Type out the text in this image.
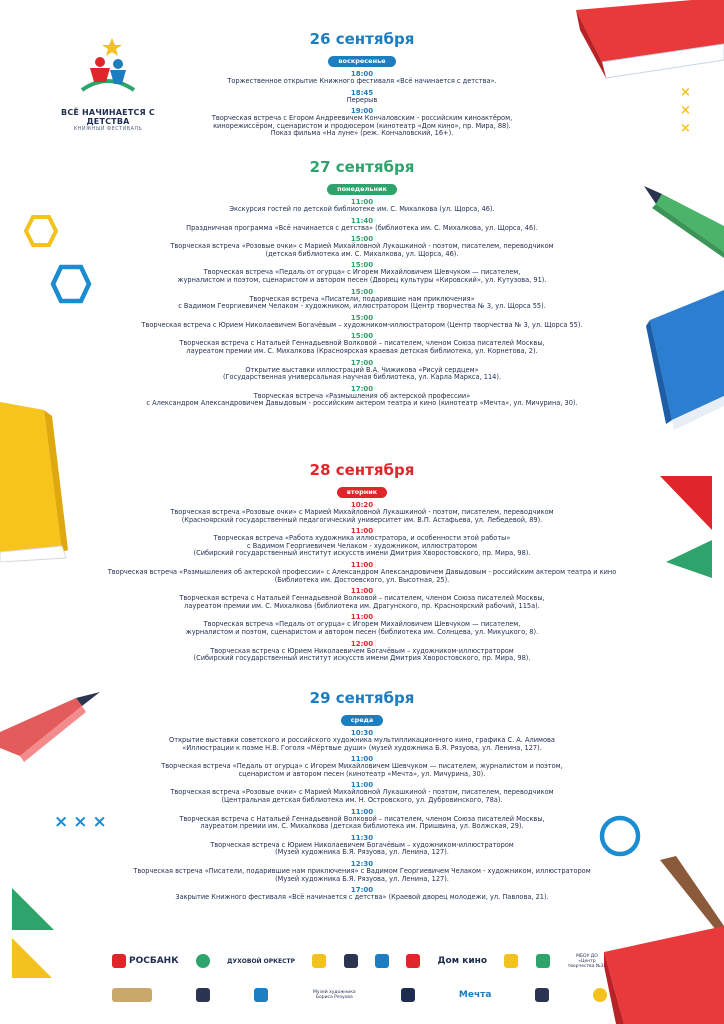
×
×
×
×××
ВСЁ НАЧИНАЕТСЯ С ДЕТСТВА
КНИЖНЫЙ ФЕСТИВАЛЬ
26 сентября
воскресенье
18:00
Торжественное открытие Книжного фестиваля «Всё начинается с детства».
18:45
Перерыв
19:00
Творческая встреча с Егором Андреевичем Кончаловским - российским киноактёром,
кинорежиссёром, сценаристом и продюсером (кинотеатр «Дом кино», пр. Мира, 88).
Показ фильма «На луне» (реж. Кончаловский, 16+).
27 сентября
понедельник
11:00
Экскурсия гостей по детской библиотеке им. С. Михалкова (ул. Щорса, 46).
11:40
Праздничная программа «Всё начинается с детства» (библиотека им. С. Михалкова, ул. Щорса, 46).
15:00
Творческая встреча «Розовые очки» с Марией Михайловной Лукашкиной - поэтом, писателем, переводчиком
(детская библиотека им. С. Михалкова, ул. Щорса, 46).
15:00
Творческая встреча «Педаль от огурца» с Игорем Михайловичем Шевчуком — писателем,
журналистом и поэтом, сценаристом и автором песен (Дворец культуры «Кировский», ул. Кутузова, 91).
15:00
Творческая встреча «Писатели, подарившие нам приключения»
с Вадимом Георгиевичем Челаком - художником, иллюстратором (Центр творчества № 3, ул. Щорса 55).
15:00
Творческая встреча с Юрием Николаевичем Богачёвым – художником-иллюстратором (Центр творчества № 3, ул. Щорса 55).
15:00
Творческая встреча с Натальей Геннадьевной Волковой – писателем, членом Союза писателей Москвы,
лауреатом премии им. С. Михалкова (Красноярская краевая детская библиотека, ул. Корнетова, 2).
17:00
Открытие выставки иллюстраций В.А. Чижикова «Рисуй сердцем»
(Государственная универсальная научная библиотека, ул. Карла Маркса, 114).
17:00
Творческая встреча «Размышления об актерской профессии»
с Александром Александровичем Давыдовым - российским актером театра и кино (кинотеатр «Мечта», ул. Мичурина, 30).
28 сентября
вторник
10:20
Творческая встреча «Розовые очки» с Марией Михайловной Лукашкиной - поэтом, писателем, переводчиком
(Красноярский государственный педагогический университет им. В.П. Астафьева, ул. Лебедевой, 89).
11:00
Творческая встреча «Работа художника иллюстратора, и особенности этой работы»
с Вадимом Георгиевичем Челаком - художником, иллюстратором
(Сибирский государственный институт искусств имени Дмитрия Хворостовского, пр. Мира, 98).
11:00
Творческая встреча «Размышления об актерской профессии» с Александром Александровичем Давыдовым - российским актером театра и кино
(Библиотека им. Достоевского, ул. Высотная, 25).
11:00
Творческая встреча с Натальей Геннадьевной Волковой – писателем, членом Союза писателей Москвы,
лауреатом премии им. С. Михалкова (библиотека им. Драгунского, пр. Красноярский рабочий, 115а).
11:00
Творческая встреча «Педаль от огурца» с Игорем Михайловичем Шевчуком — писателем,
журналистом и поэтом, сценаристом и автором песен (библиотека им. Солнцева, ул. Микуцкого, 8).
12:00
Творческая встреча с Юрием Николаевичем Богачёвым – художником-иллюстратором
(Сибирский государственный институт искусств имени Дмитрия Хворостовского, пр. Мира, 98).
29 сентября
среда
10:30
Открытие выставки советского и российского художника мультипликационного кино, графика С. А. Алимова
«Иллюстрации к поэме Н.В. Гоголя «Мёртвые души» (музей художника Б.Я. Рязуова, ул. Ленина, 127).
11:00
Творческая встреча «Педаль от огурца» с Игорем Михайловичем Шевчуком — писателем, журналистом и поэтом,
сценаристом и автором песен (кинотеатр «Мечта», ул. Мичурина, 30).
11:00
Творческая встреча «Розовые очки» с Марией Михайловной Лукашкиной - поэтом, писателем, переводчиком
(Центральная детская библиотека им. Н. Островского, ул. Дубровинского, 78а).
11:00
Творческая встреча с Натальей Геннадьевной Волковой – писателем, членом Союза писателей Москвы,
лауреатом премии им. С. Михалкова (детская библиотека им. Пришвина, ул. Волжская, 29).
11:30
Творческая встреча с Юрием Николаевичем Богачёвым – художником-иллюстратором
(Музей художника Б.Я. Рязуова, ул. Ленина, 127).
12:30
Творческая встреча «Писатели, подарившие нам приключения» с Вадимом Георгиевичем Челаком - художником, иллюстратором
(Музей художника Б.Я. Рязуова, ул. Ленина, 127).
17:00
Закрытие Книжного фестиваля «Всё начинается с детства» (Краевой дворец молодежи, ул. Павлова, 21).
РОСБАНК	ДУХОВОЙ ОРКЕСТР	Дом кино	МБОУ ДО «Центр творчества №3»
Музей художника Бориса Рязуова	Мечта
